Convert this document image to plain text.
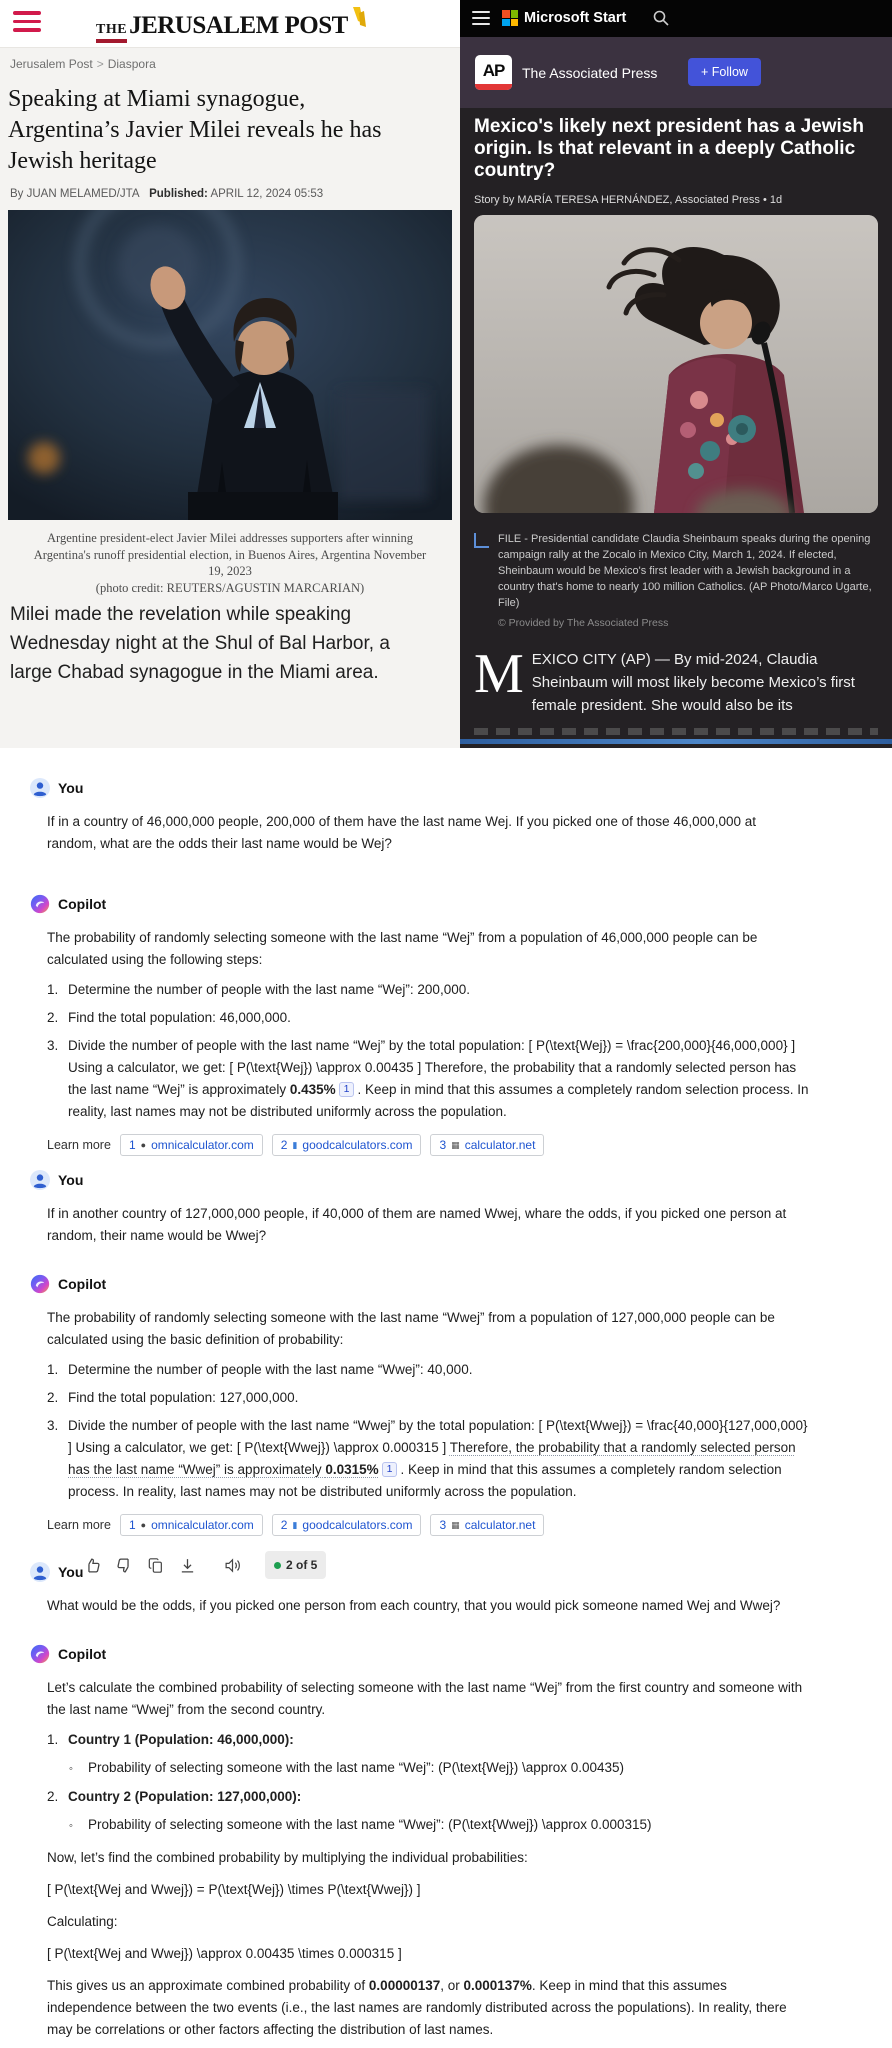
THE JERUSALEM POST
Jerusalem Post > Diaspora
Speaking at Miami synagogue, Argentina’s Javier Milei reveals he has Jewish heritage
By JUAN MELAMED/JTA Published: APRIL 12, 2024 05:53
Argentine president-elect Javier Milei addresses supporters after winning Argentina's runoff presidential election, in Buenos Aires, Argentina November 19, 2023
(photo credit: REUTERS/AGUSTIN MARCARIAN)

Milei made the revelation while speaking Wednesday night at the Shul of Bal Harbor, a large Chabad synagogue in the Miami area.

Microsoft Start
AP The Associated Press	+ Follow
Mexico's likely next president has a Jewish origin. Is that relevant in a deeply Catholic country?
Story by MARÍA TERESA HERNÁNDEZ, Associated Press • 1d
FILE - Presidential candidate Claudia Sheinbaum speaks during the opening campaign rally at the Zocalo in Mexico City, March 1, 2024. If elected, Sheinbaum would be Mexico's first leader with a Jewish background in a country that's home to nearly 100 million Catholics. (AP Photo/Marco Ugarte, File)
© Provided by The Associated Press
MEXICO CITY (AP) — By mid-2024, Claudia Sheinbaum will most likely become Mexico’s first female president. She would also be its
You
If in a country of 46,000,000 people, 200,000 of them have the last name Wej. If you picked one of those 46,000,000 at random, what are the odds their last name would be Wej?
Copilot
The probability of randomly selecting someone with the last name “Wej” from a population of 46,000,000 people can be calculated using the following steps:
1. Determine the number of people with the last name “Wej”: 200,000.
2. Find the total population: 46,000,000.
3. Divide the number of people with the last name “Wej” by the total population: [ P(\text{Wej}) = \frac{200,000}{46,000,000} ] Using a calculator, we get: [ P(\text{Wej}) \approx 0.00435 ] Therefore, the probability that a randomly selected person has the last name “Wej” is approximately 0.435% 1 . Keep in mind that this assumes a completely random selection process. In reality, last names may not be distributed uniformly across the population.
Learn more 1 ● omnicalculator.com 2 ▮ goodcalculators.com 3 ▦ calculator.net
You
If in another country of 127,000,000 people, if 40,000 of them are named Wwej, whare the odds, if you picked one person at random, their name would be Wwej?
Copilot
The probability of randomly selecting someone with the last name “Wwej” from a population of 127,000,000 people can be calculated using the basic definition of probability:
1. Determine the number of people with the last name “Wwej”: 40,000.
2. Find the total population: 127,000,000.
3. Divide the number of people with the last name “Wwej” by the total population: [ P(\text{Wwej}) = \frac{40,000}{127,000,000} ] Using a calculator, we get: [ P(\text{Wwej}) \approx 0.000315 ] Therefore, the probability that a randomly selected person has the last name “Wwej” is approximately 0.0315% 1 . Keep in mind that this assumes a completely random selection process. In reality, last names may not be distributed uniformly across the population.
Learn more 1 ● omnicalculator.com 2 ▮ goodcalculators.com 3 ▦ calculator.net
2 of 5
You
What would be the odds, if you picked one person from each country, that you would pick someone named Wej and Wwej?
Copilot
Let’s calculate the combined probability of selecting someone with the last name “Wej” from the first country and someone with the last name “Wwej” from the second country.
1. Country 1 (Population: 46,000,000):
◦	Probability of selecting someone with the last name “Wej”: (P(\text{Wej}) \approx 0.00435)
2. Country 2 (Population: 127,000,000):
◦	Probability of selecting someone with the last name “Wwej”: (P(\text{Wwej}) \approx 0.000315)
Now, let’s find the combined probability by multiplying the individual probabilities:
[ P(\text{Wej and Wwej}) = P(\text{Wej}) \times P(\text{Wwej}) ]
Calculating:
[ P(\text{Wej and Wwej}) \approx 0.00435 \times 0.000315 ]
This gives us an approximate combined probability of 0.00000137, or 0.000137%. Keep in mind that this assumes independence between the two events (i.e., the last names are randomly distributed across the populations). In reality, there may be correlations or other factors affecting the distribution of last names.
